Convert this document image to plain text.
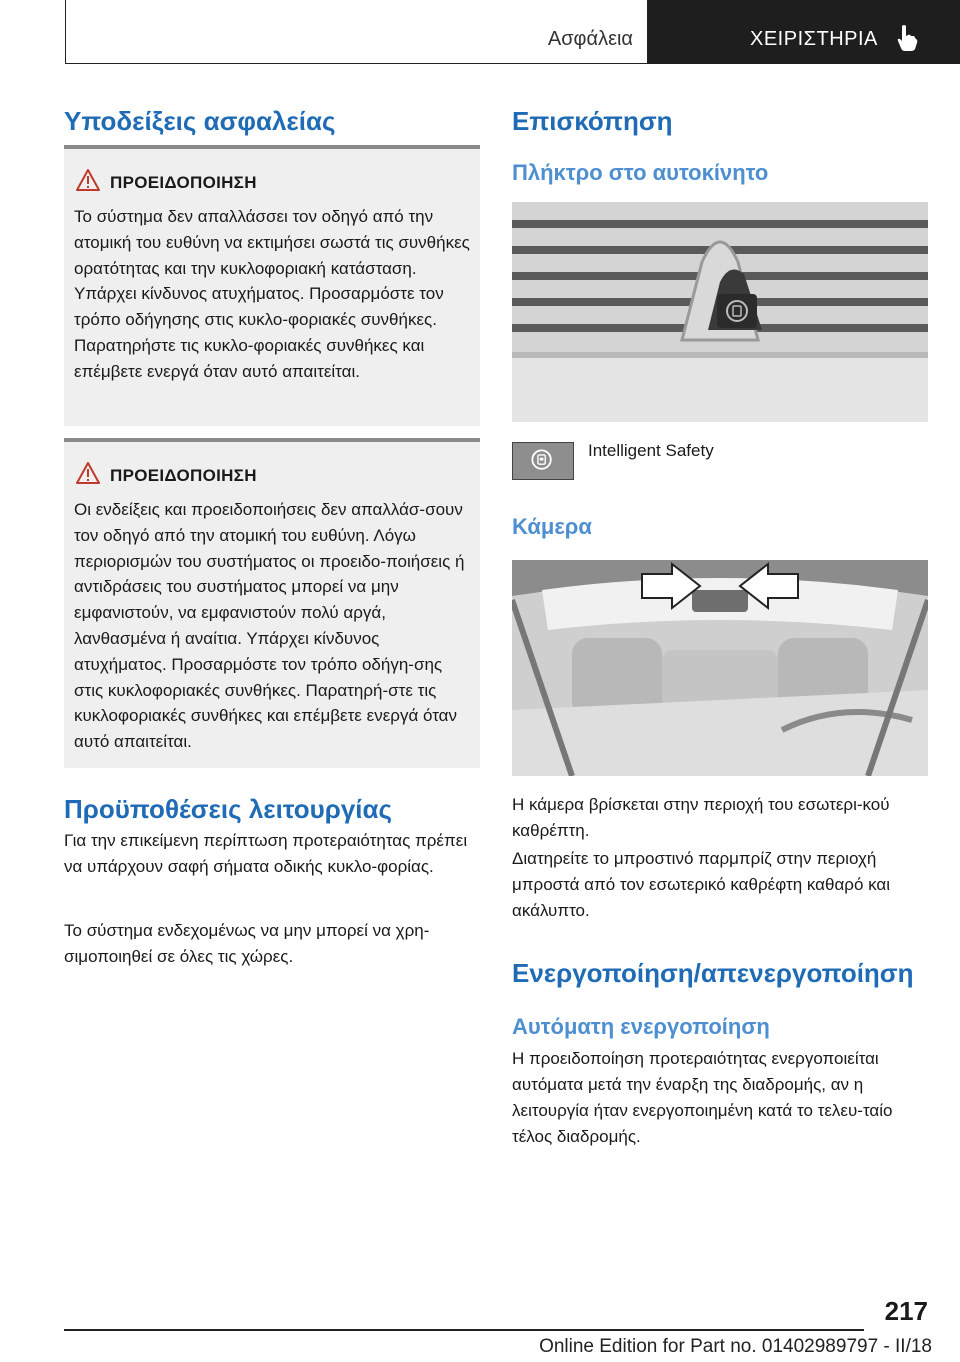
Ασφάλεια	ΧΕΙΡΙΣΤΗΡΙΑ
Υποδείξεις ασφαλείας
ΠΡΟΕΙΔΟΠΟΙΗΣΗ
Το σύστημα δεν απαλλάσσει τον οδηγό από την ατομική του ευθύνη να εκτιμήσει σωστά τις συνθήκες ορατότητας και την κυκλοφοριακή κατάσταση. Υπάρχει κίνδυνος ατυχήματος. Προσαρμόστε τον τρόπο οδήγησης στις κυκλο-φοριακές συνθήκες. Παρατηρήστε τις κυκλο-φοριακές συνθήκες και επέμβετε ενεργά όταν αυτό απαιτείται.
ΠΡΟΕΙΔΟΠΟΙΗΣΗ
Οι ενδείξεις και προειδοποιήσεις δεν απαλλάσ-σουν τον οδηγό από την ατομική του ευθύνη. Λόγω περιορισμών του συστήματος οι προειδο-ποιήσεις ή αντιδράσεις του συστήματος μπορεί να μην εμφανιστούν, να εμφανιστούν πολύ αργά, λανθασμένα ή αναίτια. Υπάρχει κίνδυνος ατυχήματος. Προσαρμόστε τον τρόπο οδήγη-σης στις κυκλοφοριακές συνθήκες. Παρατηρή-στε τις κυκλοφοριακές συνθήκες και επέμβετε ενεργά όταν αυτό απαιτείται.
Προϋποθέσεις λειτουργίας

Για την επικείμενη περίπτωση προτεραιότητας πρέπει να υπάρχουν σαφή σήματα οδικής κυκλο-φορίας.

Το σύστημα ενδεχομένως να μην μπορεί να χρη-σιμοποιηθεί σε όλες τις χώρες.

Επισκόπηση
Πλήκτρο στο αυτοκίνητο
Intelligent Safety
Κάμερα

Η κάμερα βρίσκεται στην περιοχή του εσωτερι-κού καθρέπτη.

Διατηρείτε το μπροστινό παρμπρίζ στην περιοχή μπροστά από τον εσωτερικό καθρέφτη καθαρό και ακάλυπτο.

Ενεργοποίηση/απενεργοποίηση
Αυτόματη ενεργοποίηση

Η προειδοποίηση προτεραιότητας ενεργοποιείται αυτόματα μετά την έναρξη της διαδρομής, αν η λειτουργία ήταν ενεργοποιημένη κατά το τελευ-ταίο τέλος διαδρομής.

217
Online Edition for Part no. 01402989797 - II/18
